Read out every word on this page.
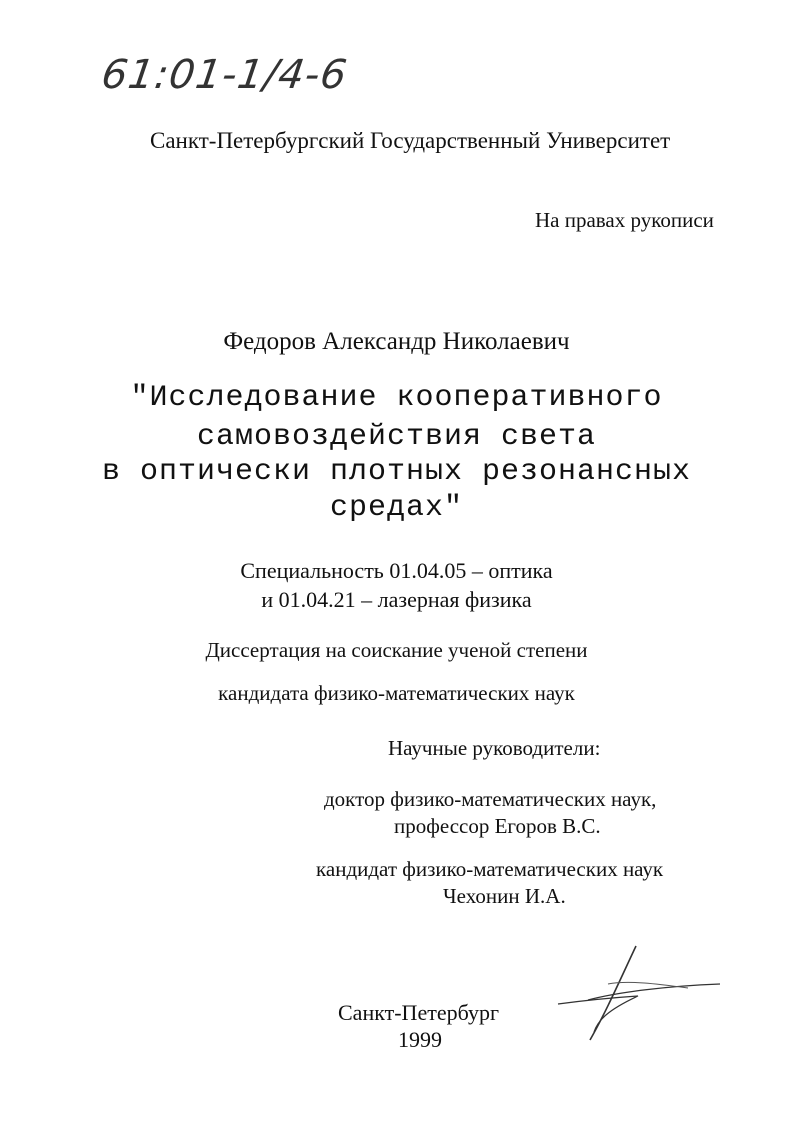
61:01-1/4-6
Санкт-Петербургский Государственный Университет
На правах рукописи
Федоров Александр Николаевич
"Исследование кооперативного
самовоздействия света
в оптически плотных резонансных
средах"
Специальность 01.04.05 – оптика
и 01.04.21 – лазерная физика
Диссертация на соискание ученой степени
кандидата физико-математических наук
Научные руководители:
доктор физико-математических наук,
профессор Егоров В.С.
кандидат физико-математических наук
Чехонин И.А.
Санкт-Петербург
1999
